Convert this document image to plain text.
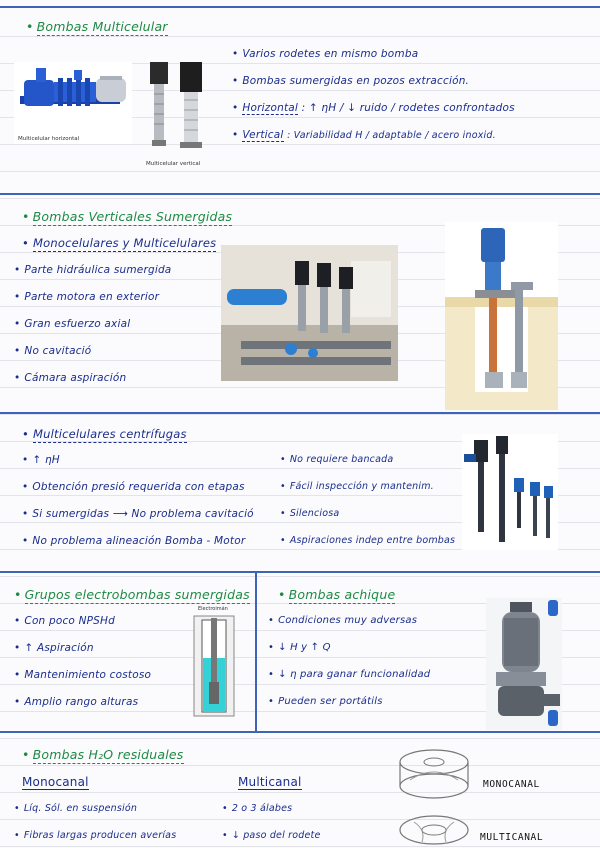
• Bombas Multicelular
Multicelular horizontal
Multicelular vertical
• Varios rodetes en mismo bomba
• Bombas sumergidas en pozos extracción.
• Horizontal : ↑ ηH / ↓ ruido / rodetes confrontados
• Vertical : Variabilidad H / adaptable / acero inoxid.
• Bombas Verticales Sumergidas
• Monocelulares y Multicelulares
• Parte hidráulica sumergida
• Parte motora en exterior
• Gran esfuerzo axial
• No cavitació
• Cámara aspiración
• Multicelulares centrífugas
• ↑ ηH
• Obtención presió requerida con etapas
• Si sumergidas ⟶ No problema cavitació
• No problema alineación Bomba - Motor
• No requiere bancada
• Fácil inspección y mantenim.
• Silenciosa
• Aspiraciones indep entre bombas
• Grupos electrobombas sumergidas
• Con poco NPSHd
• ↑ Aspiración
• Mantenimiento costoso
• Amplio rango alturas
Electroimán
• Bombas achique
• Condiciones muy adversas
• ↓ H y ↑ Q
• ↓ η para ganar funcionalidad
• Pueden ser portátils
• Bombas H₂O residuales
Monocanal	Multicanal
• Líq. Sól. en suspensión
• Fibras largas producen averías
• 2 o 3 álabes
• ↓ paso del rodete
MONOCANAL
MULTICANAL
